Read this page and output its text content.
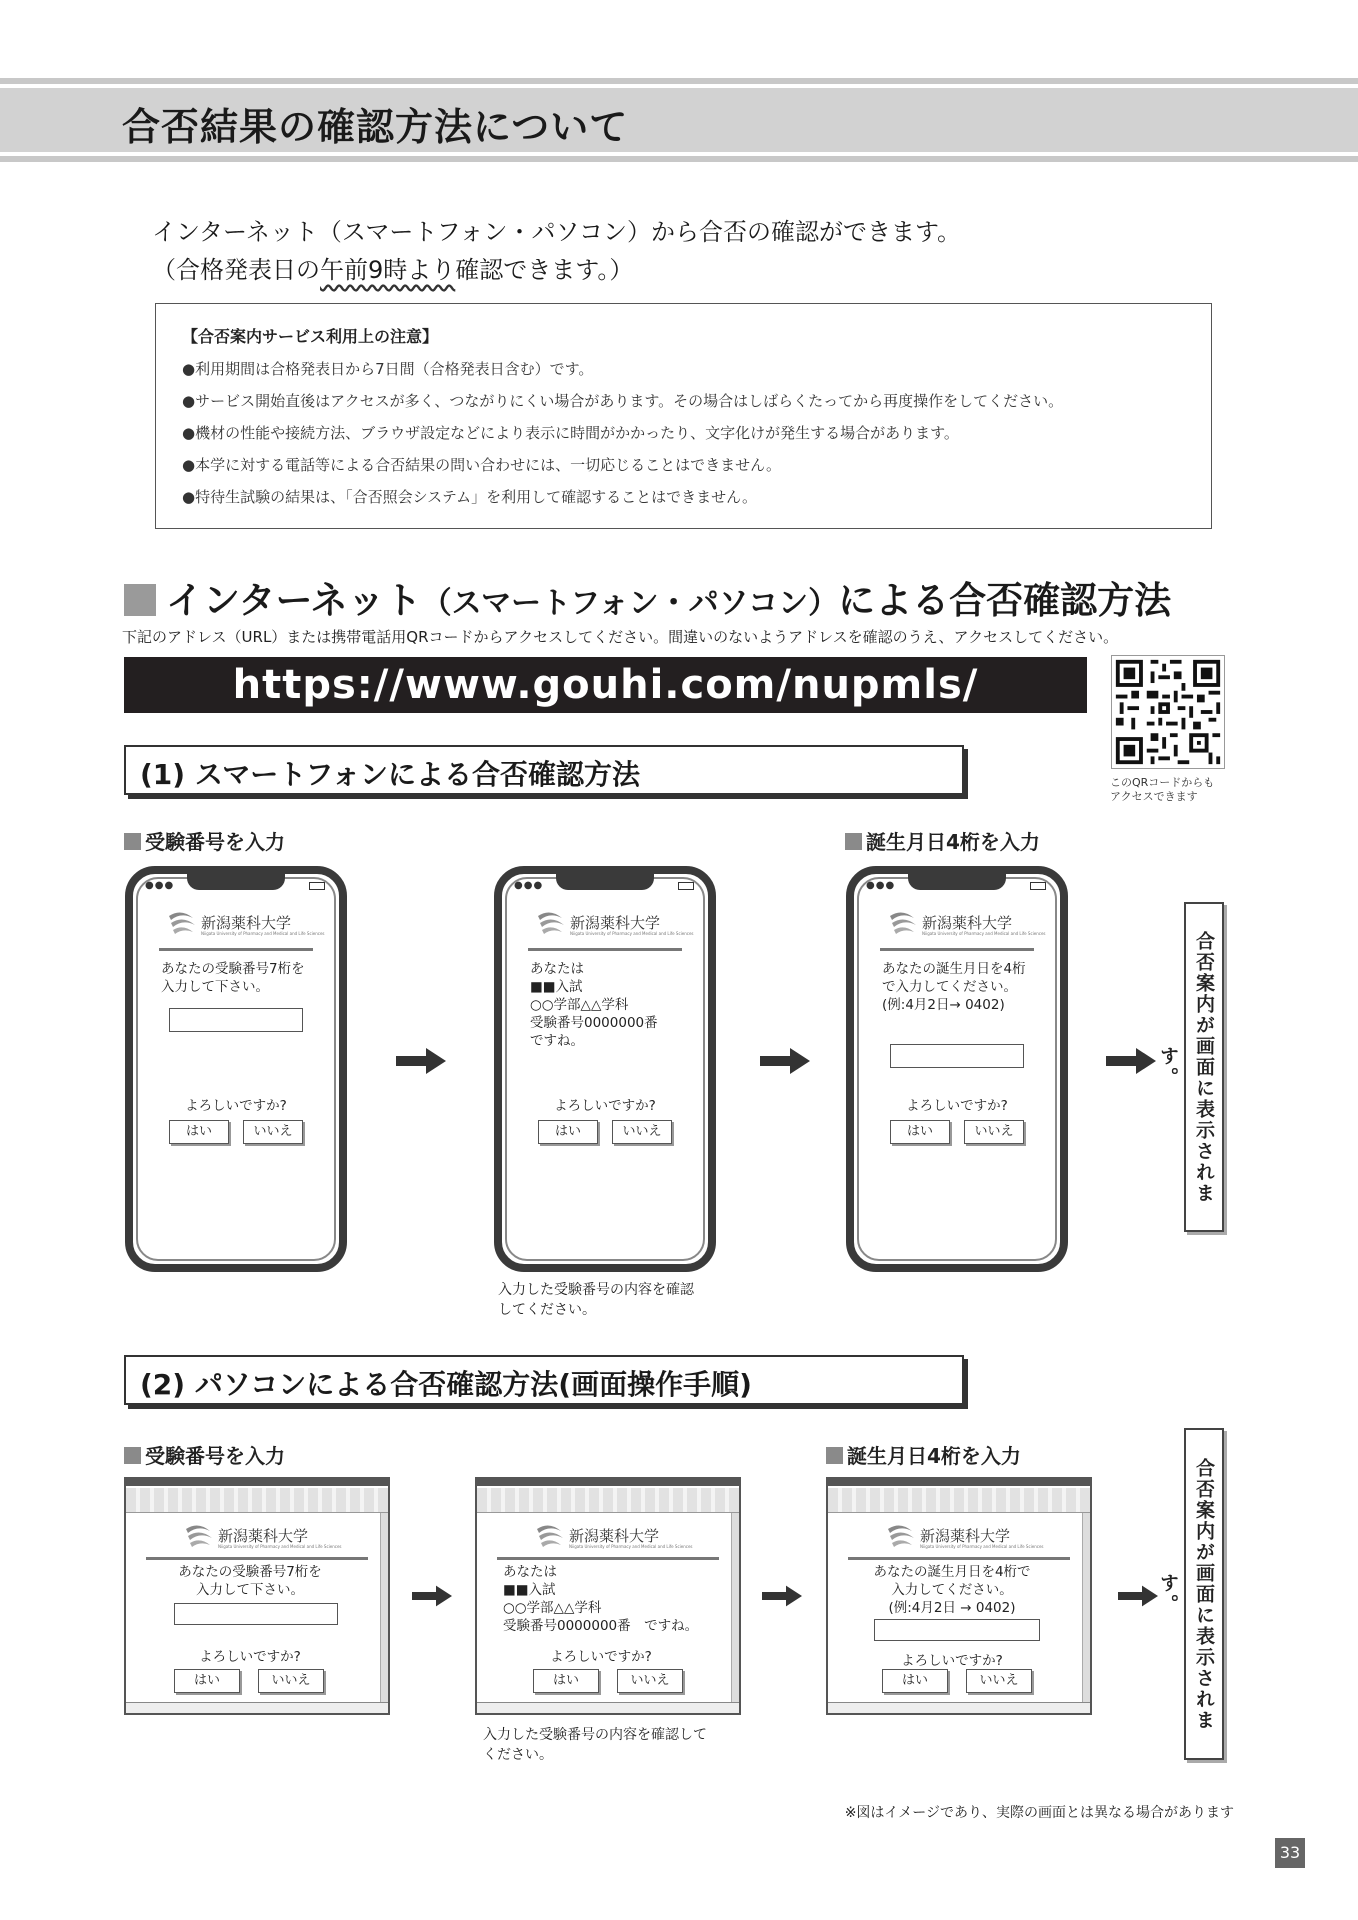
合否結果の確認方法について
インターネット（スマートフォン・パソコン）から合否の確認ができます。
（合格発表日の午前9時より確認できます。）
【合否案内サービス利用上の注意】
●利用期間は合格発表日から7日間（合格発表日含む）です。
●サービス開始直後はアクセスが多く、つながりにくい場合があります。その場合はしばらくたってから再度操作をしてください。
●機材の性能や接続方法、ブラウザ設定などにより表示に時間がかかったり、文字化けが発生する場合があります。
●本学に対する電話等による合否結果の問い合わせには、一切応じることはできません。
●特待生試験の結果は、「合否照会システム」を利用して確認することはできません。
インターネット（スマートフォン・パソコン）による合否確認方法
下記のアドレス（URL）または携帯電話用QRコードからアクセスしてください。間違いのないようアドレスを確認のうえ、アクセスしてください。
https://www.gouhi.com/nupmls/
このQRコードからも
アクセスできます
(1) スマートフォンによる合否確認方法
受験番号を入力	誕生月日4桁を入力
●●●
新潟薬科大学
Niigata University of Pharmacy and Medical and Life Sciences
あなたの受験番号7桁を
入力して下さい。
よろしいですか?
はい	いいえ
●●●
新潟薬科大学
Niigata University of Pharmacy and Medical and Life Sciences
あなたは
■■入試
○○学部△△学科
受験番号0000000番
ですね。
よろしいですか?
はい	いいえ
入力した受験番号の内容を確認
してください。
●●●
新潟薬科大学
Niigata University of Pharmacy and Medical and Life Sciences
あなたの誕生月日を4桁
で入力してください。
(例:4月2日→ 0402)
よろしいですか?
はい	いいえ	合否案内が画面に表示されます。
(2) パソコンによる合否確認方法(画面操作手順)
受験番号を入力	誕生月日4桁を入力
新潟薬科大学
Niigata University of Pharmacy and Medical and Life Sciences
あなたの受験番号7桁を
入力して下さい。
よろしいですか?
はい	いいえ
新潟薬科大学
Niigata University of Pharmacy and Medical and Life Sciences
あなたは
■■入試
○○学部△△学科
受験番号0000000番　ですね。
よろしいですか?
はい	いいえ
入力した受験番号の内容を確認して
ください。
新潟薬科大学
Niigata University of Pharmacy and Medical and Life Sciences
あなたの誕生月日を4桁で
入力してください。
(例:4月2日 → 0402)
よろしいですか?
はい	いいえ	合否案内が画面に表示されます。
※図はイメージであり、実際の画面とは異なる場合があります
33
